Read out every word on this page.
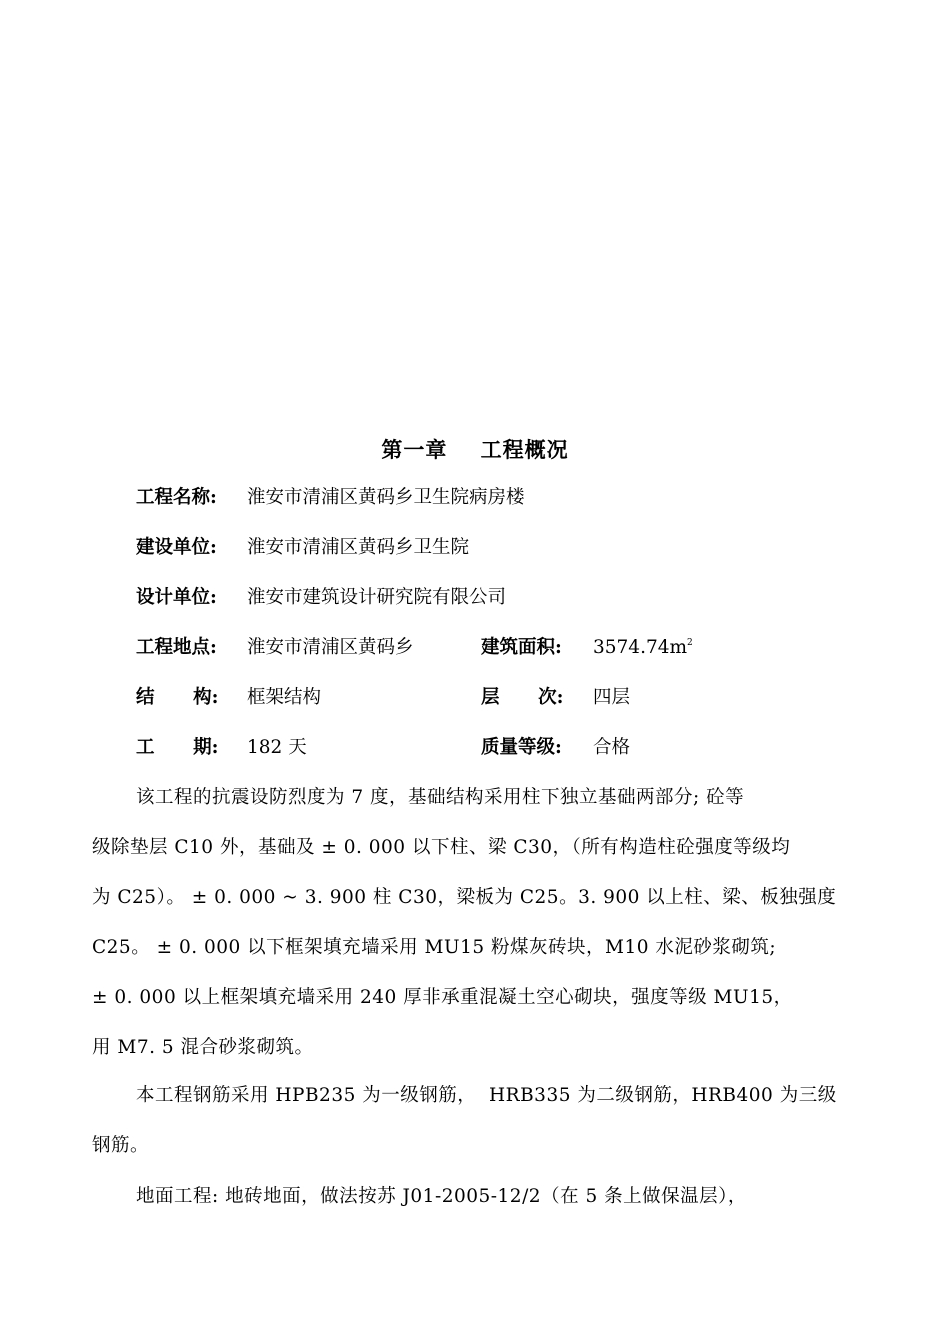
第一章    工程概况
工程名称: 淮安市清浦区黄码乡卫生院病房楼
建设单位: 淮安市清浦区黄码乡卫生院
设计单位: 淮安市建筑设计研究院有限公司
工程地点: 淮安市清浦区黄码乡	建筑面积: $3574.74m^2$
结      构: 框架结构	层      次: 四层
工      期: 182 天	质量等级: 合格
该工程的抗震设防烈度为 7 度，基础结构采用柱下独立基础两部分; 砼等
级除垫层 C10 外，基础及 ± 0. 000 以下柱、梁 C30，（所有构造柱砼强度等级均
为 C25）。 ± 0. 000 ~ 3. 900 柱 C30，梁板为 C25。3. 900 以上柱、梁、板独强度
C25。 ± 0. 000 以下框架填充墙采用 MU15 粉煤灰砖块，M10 水泥砂浆砌筑;
± 0. 000 以上框架填充墙采用 240 厚非承重混凝土空心砌块，强度等级 MU15，
用 M7. 5 混合砂浆砌筑。
本工程钢筋采用 HPB235 为一级钢筋，  HRB335 为二级钢筋，HRB400 为三级
钢筋。
地面工程: 地砖地面，做法按苏 J01-2005-12/2（在 5 条上做保温层），
